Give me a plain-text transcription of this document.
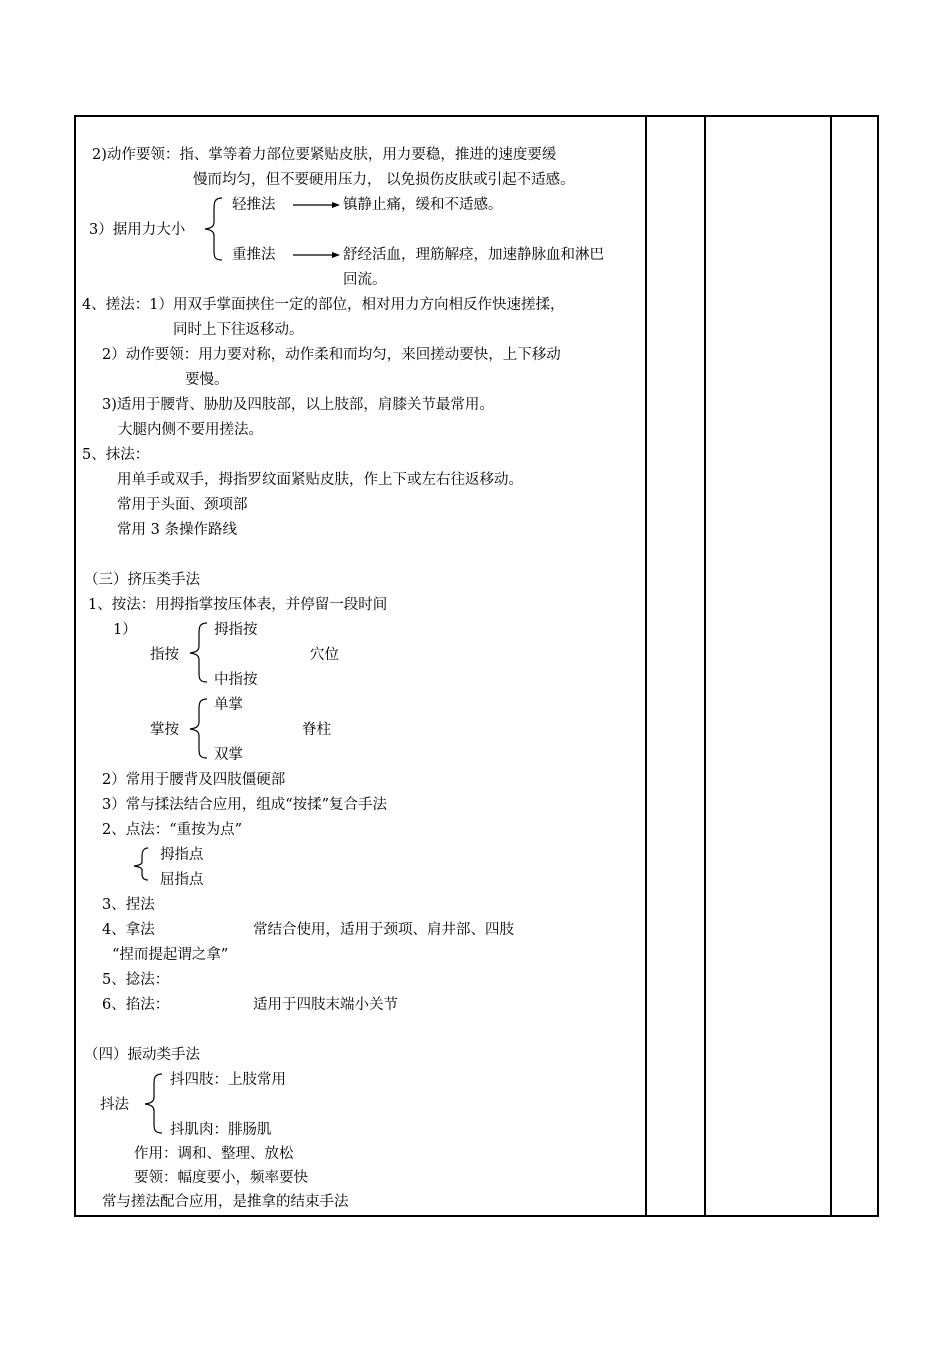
2)动作要领：指、掌等着力部位要紧贴皮肤，用力要稳，推进的速度要缓
慢而均匀，但不要硬用压力， 以免损伤皮肤或引起不适感。
轻推法	镇静止痛，缓和不适感。
3）据用力大小
重推法	舒经活血，理筋解痉，加速静脉血和淋巴
回流。
4、搓法：1）用双手掌面挟住一定的部位，相对用力方向相反作快速搓揉，
同时上下往返移动。
2）动作要领：用力要对称，动作柔和而均匀，来回搓动要快，上下移动
要慢。
3)适用于腰背、胁肋及四肢部，以上肢部，肩膝关节最常用。
大腿内侧不要用搓法。
5、抹法：
用单手或双手，拇指罗纹面紧贴皮肤，作上下或左右往返移动。
常用于头面、颈项部
常用 3 条操作路线
（三）挤压类手法
1、按法：用拇指掌按压体表，并停留一段时间
1）	拇指按
指按	穴位
中指按
单掌
掌按	脊柱
双掌
2）常用于腰背及四肢僵硬部
3）常与揉法结合应用，组成“按揉”复合手法
2、点法：“重按为点”
拇指点
屈指点
3、捏法
4、拿法	常结合使用，适用于颈项、肩井部、四肢
“捏而提起谓之拿”
5、捻法：
6、掐法：	适用于四肢末端小关节
（四）振动类手法
抖四肢：上肢常用
抖法
抖肌肉：腓肠肌
作用：调和、整理、放松
要领：幅度要小，频率要快
常与搓法配合应用，是推拿的结束手法
